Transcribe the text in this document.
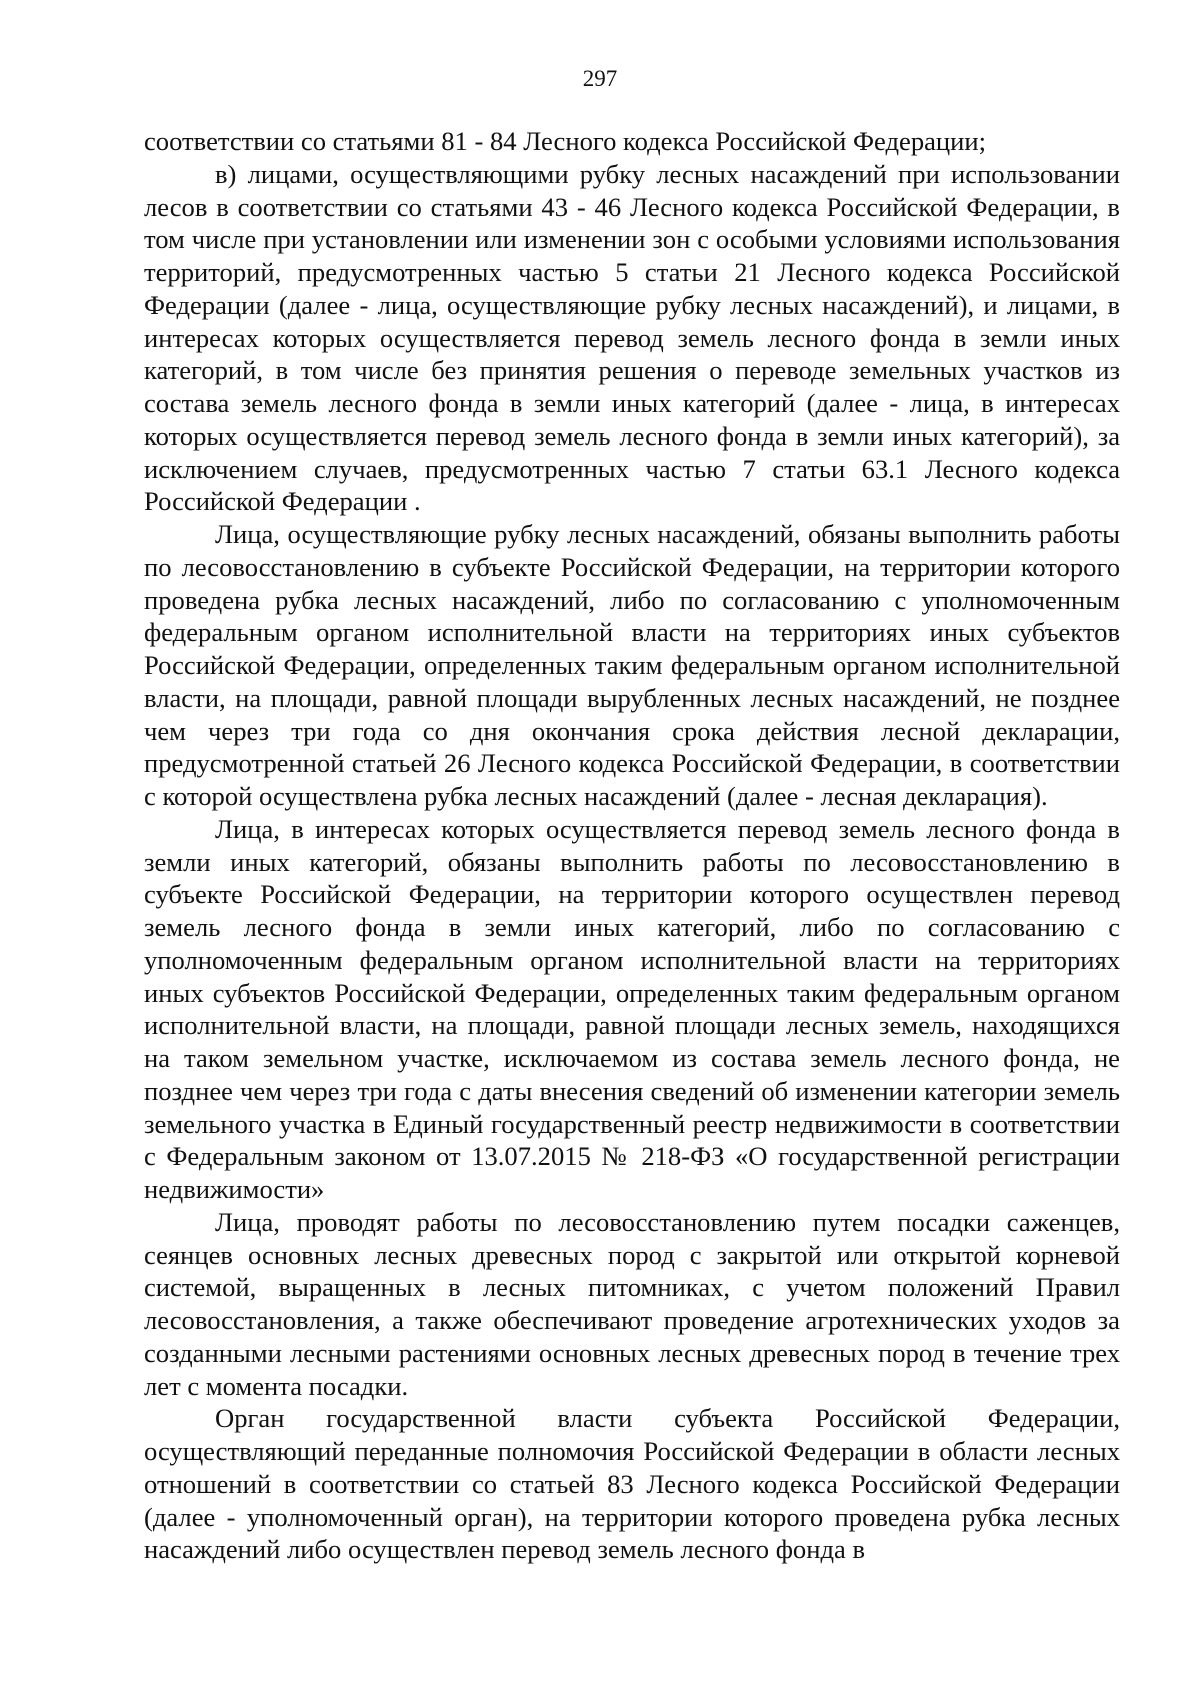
297

соответствии со статьями 81 - 84 Лесного кодекса Российской Федерации;

в) лицами, осуществляющими рубку лесных насаждений при использовании лесов в соответствии со статьями 43 - 46 Лесного кодекса Российской Федерации, в том числе при установлении или изменении зон с особыми условиями использования территорий, предусмотренных частью 5 статьи 21 Лесного кодекса Российской Федерации (далее - лица, осуществляющие рубку лесных насаждений), и лицами, в интересах которых осуществляется перевод земель лесного фонда в земли иных категорий, в том числе без принятия решения о переводе земельных участков из состава земель лесного фонда в земли иных категорий (далее - лица, в интересах которых осуществляется перевод земель лесного фонда в земли иных категорий), за исключением случаев, предусмотренных частью 7 статьи 63.1 Лесного кодекса Российской Федерации .

Лица, осуществляющие рубку лесных насаждений, обязаны выполнить работы по лесовосстановлению в субъекте Российской Федерации, на территории которого проведена рубка лесных насаждений, либо по согласованию с уполномоченным федеральным органом исполнительной власти на территориях иных субъектов Российской Федерации, определенных таким федеральным органом исполнительной власти, на площади, равной площади вырубленных лесных насаждений, не позднее чем через три года со дня окончания срока действия лесной декларации, предусмотренной статьей 26 Лесного кодекса Российской Федерации, в соответствии с которой осуществлена рубка лесных насаждений (далее - лесная декларация).

Лица, в интересах которых осуществляется перевод земель лесного фонда в земли иных категорий, обязаны выполнить работы по лесовосстановлению в субъекте Российской Федерации, на территории которого осуществлен перевод земель лесного фонда в земли иных категорий, либо по согласованию с уполномоченным федеральным органом исполнительной власти на территориях иных субъектов Российской Федерации, определенных таким федеральным органом исполнительной власти, на площади, равной площади лесных земель, находящихся на таком земельном участке, исключаемом из состава земель лесного фонда, не позднее чем через три года с даты внесения сведений об изменении категории земель земельного участка в Единый государственный реестр недвижимости в соответствии с Федеральным законом от 13.07.2015 № 218-ФЗ «О государственной регистрации недвижимости»

Лица, проводят работы по лесовосстановлению путем посадки саженцев, сеянцев основных лесных древесных пород с закрытой или открытой корневой системой, выращенных в лесных питомниках, с учетом положений Правил лесовосстановления, а также обеспечивают проведение агротехнических уходов за созданными лесными растениями основных лесных древесных пород в течение трех лет с момента посадки.

Орган государственной власти субъекта Российской Федерации, осуществляющий переданные полномочия Российской Федерации в области лесных отношений в соответствии со статьей 83 Лесного кодекса Российской Федерации (далее - уполномоченный орган), на территории которого проведена рубка лесных насаждений либо осуществлен перевод земель лесного фонда в
